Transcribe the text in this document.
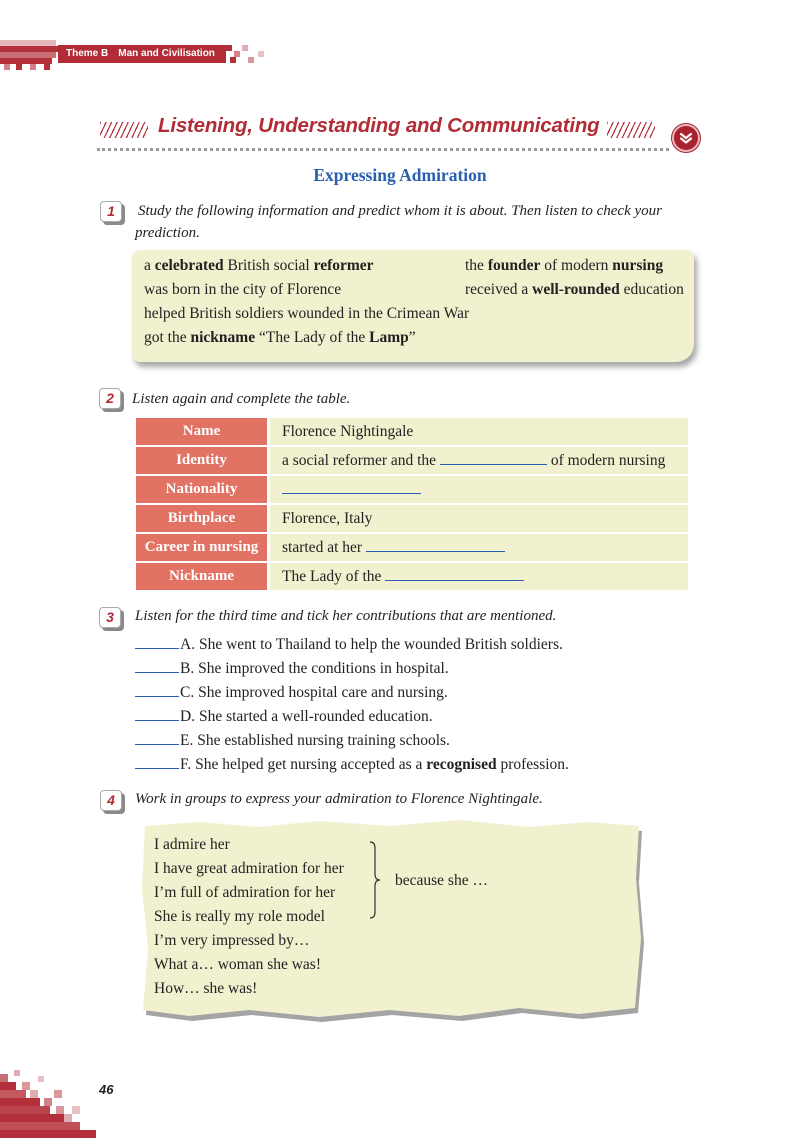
Theme B Man and Civilisation
Listening, Understanding and Communicating
Expressing Admiration
1	Study the following information and predict whom it is about. Then listen to check your prediction.
a celebrated British social reformer
was born in the city of Florence
helped British soldiers wounded in the Crimean War
got the nickname “The Lady of the Lamp”
the founder of modern nursing
received a well-rounded education
2	Listen again and complete the table.
Name	Florence Nightingale
Identity	a social reformer and the	of modern nursing
Nationality
Birthplace	Florence, Italy
Career in nursing	started at her
Nickname	The Lady of the
3	Listen for the third time and tick her contributions that are mentioned.
A. She went to Thailand to help the wounded British soldiers.
B. She improved the conditions in hospital.
C. She improved hospital care and nursing.
D. She started a well-rounded education.
E. She established nursing training schools.
F. She helped get nursing accepted as a recognised profession.
4	Work in groups to express your admiration to Florence Nightingale.
I admire her
I have great admiration for her
I’m full of admiration for her
She is really my role model
I’m very impressed by…
What a… woman she was!
How… she was!
because she …
46
